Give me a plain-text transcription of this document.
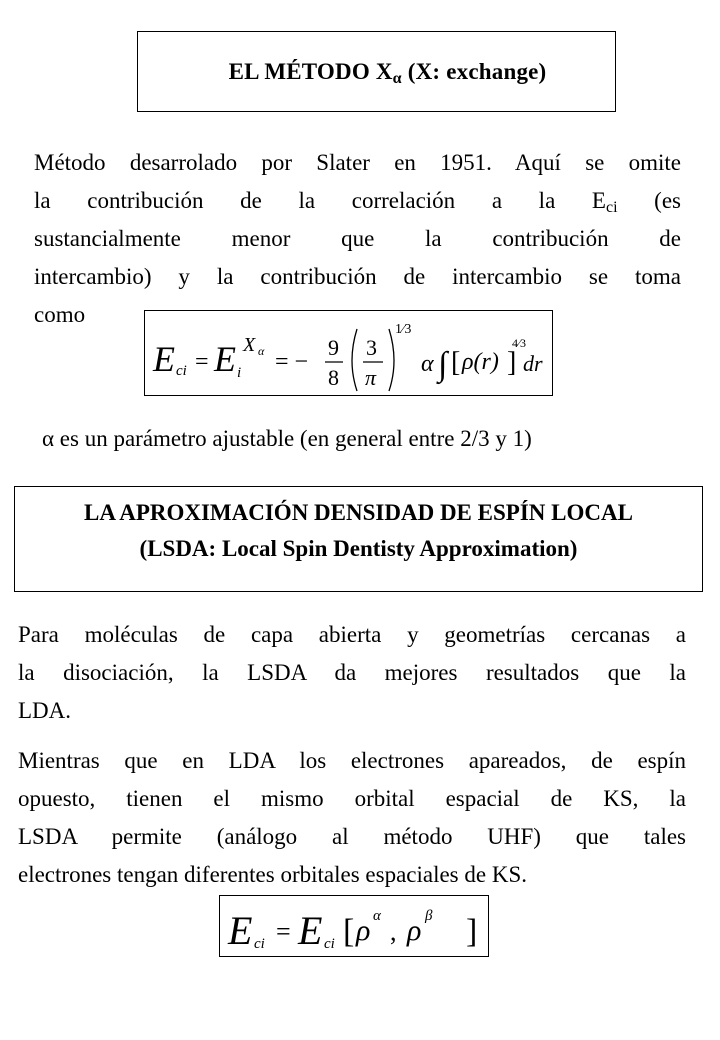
EL MÉTODO $X_\alpha$ (X: exchange)
Método desarrolado por Slater en 1951. Aquí se omite
la contribución de la correlación a la $E_{ci}$ (es
sustancialmente menor que la contribución de
intercambio) y la contribución de intercambio se toma
como
E ci = E i
X α = −
9
8
3
π
1⁄3
α ∫ [ ρ(r) ]
4⁄3
dr
α es un parámetro ajustable (en general entre 2/3 y 1)
LA APROXIMACIÓN DENSIDAD DE ESPÍN LOCAL
(LSDA: Local Spin Dentisty Approximation)
Para moléculas de capa abierta y geometrías cercanas a
la disociación, la LSDA da mejores resultados que la
LDA.
Mientras que en LDA los electrones apareados, de espín
opuesto, tienen el mismo orbital espacial de KS, la
LSDA permite (análogo al método UHF) que tales
electrones tengan diferentes orbitales espaciales de KS.
E ci = E ci [ ρ α
, ρ β ]
